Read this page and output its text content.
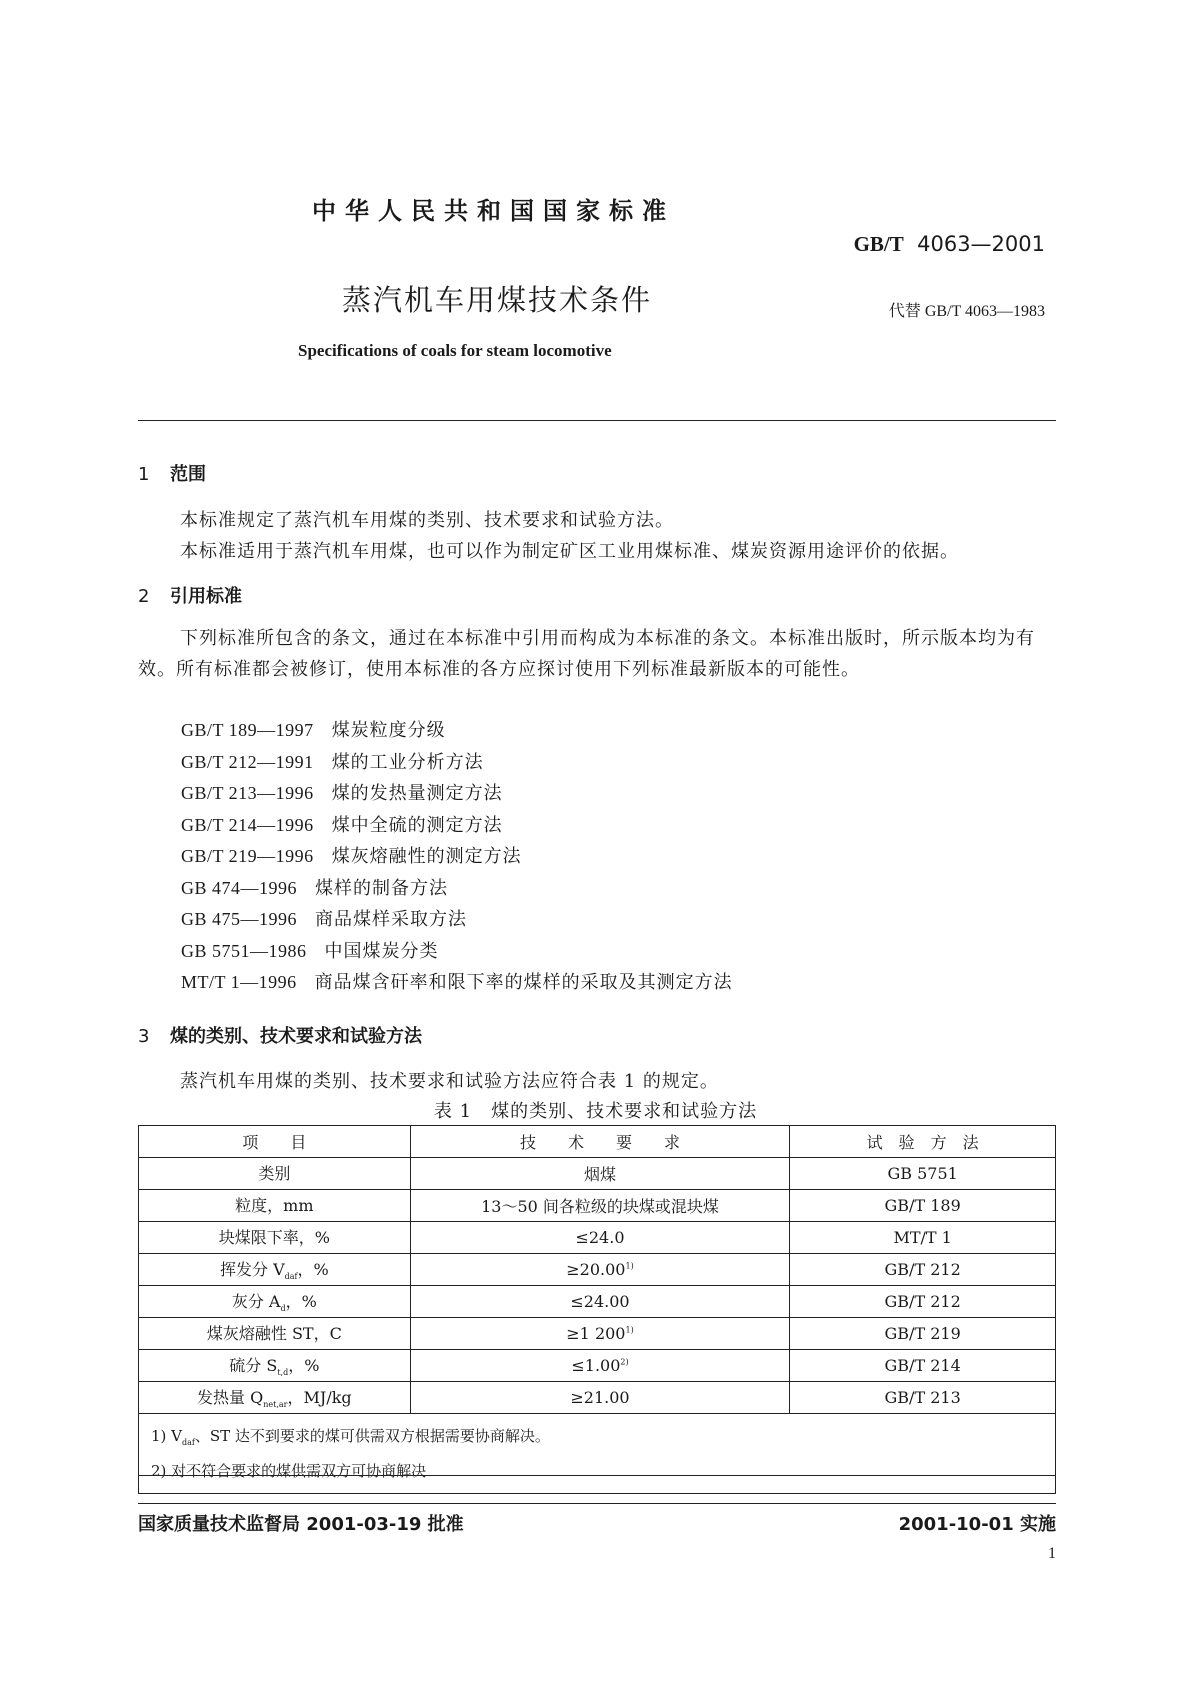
中华人民共和国国家标准
GB/T 4063—2001
蒸汽机车用煤技术条件	代替 GB/T 4063—1983
Specifications of coals for steam locomotive
1 范围
本标准规定了蒸汽机车用煤的类别、技术要求和试验方法。
本标准适用于蒸汽机车用煤，也可以作为制定矿区工业用煤标准、煤炭资源用途评价的依据。
2 引用标准
下列标准所包含的条文，通过在本标准中引用而构成为本标准的条文。本标准出版时，所示版本均为有效。所有标准都会被修订，使用本标准的各方应探讨使用下列标准最新版本的可能性。
GB/T 189—1997 煤炭粒度分级
GB/T 212—1991 煤的工业分析方法
GB/T 213—1996 煤的发热量测定方法
GB/T 214—1996 煤中全硫的测定方法
GB/T 219—1996 煤灰熔融性的测定方法
GB 474—1996 煤样的制备方法
GB 475—1996 商品煤样采取方法
GB 5751—1986 中国煤炭分类
MT/T 1—1996 商品煤含矸率和限下率的煤样的采取及其测定方法
3 煤的类别、技术要求和试验方法
蒸汽机车用煤的类别、技术要求和试验方法应符合表 1 的规定。
表 1　煤的类别、技术要求和试验方法
项　　目	技　　术　　要　　求	试　验　方　法
类别	烟煤	GB 5751
粒度，mm	13～50 间各粒级的块煤或混块煤	GB/T 189
块煤限下率，%	≤24.0	MT/T 1
挥发分 $V_{daf}$，%	$\ge 20.00^{1)}$	GB/T 212
灰分 $A_d$，%	≤24.00	GB/T 212
煤灰熔融性 ST，C	≥1 200$^{1)}$	GB/T 219
硫分 $S_{t,d}$，%	$\le 1.00^{2)}$	GB/T 214
发热量 $Q_{net,ar}$，MJ/kg	≥21.00	GB/T 213

1) $V_{daf}$、ST 达不到要求的煤可供需双方根据需要协商解决。
2) 对不符合要求的煤供需双方可协商解决		
国家质量技术监督局 2001-03-19 批准	2001-10-01 实施
1
